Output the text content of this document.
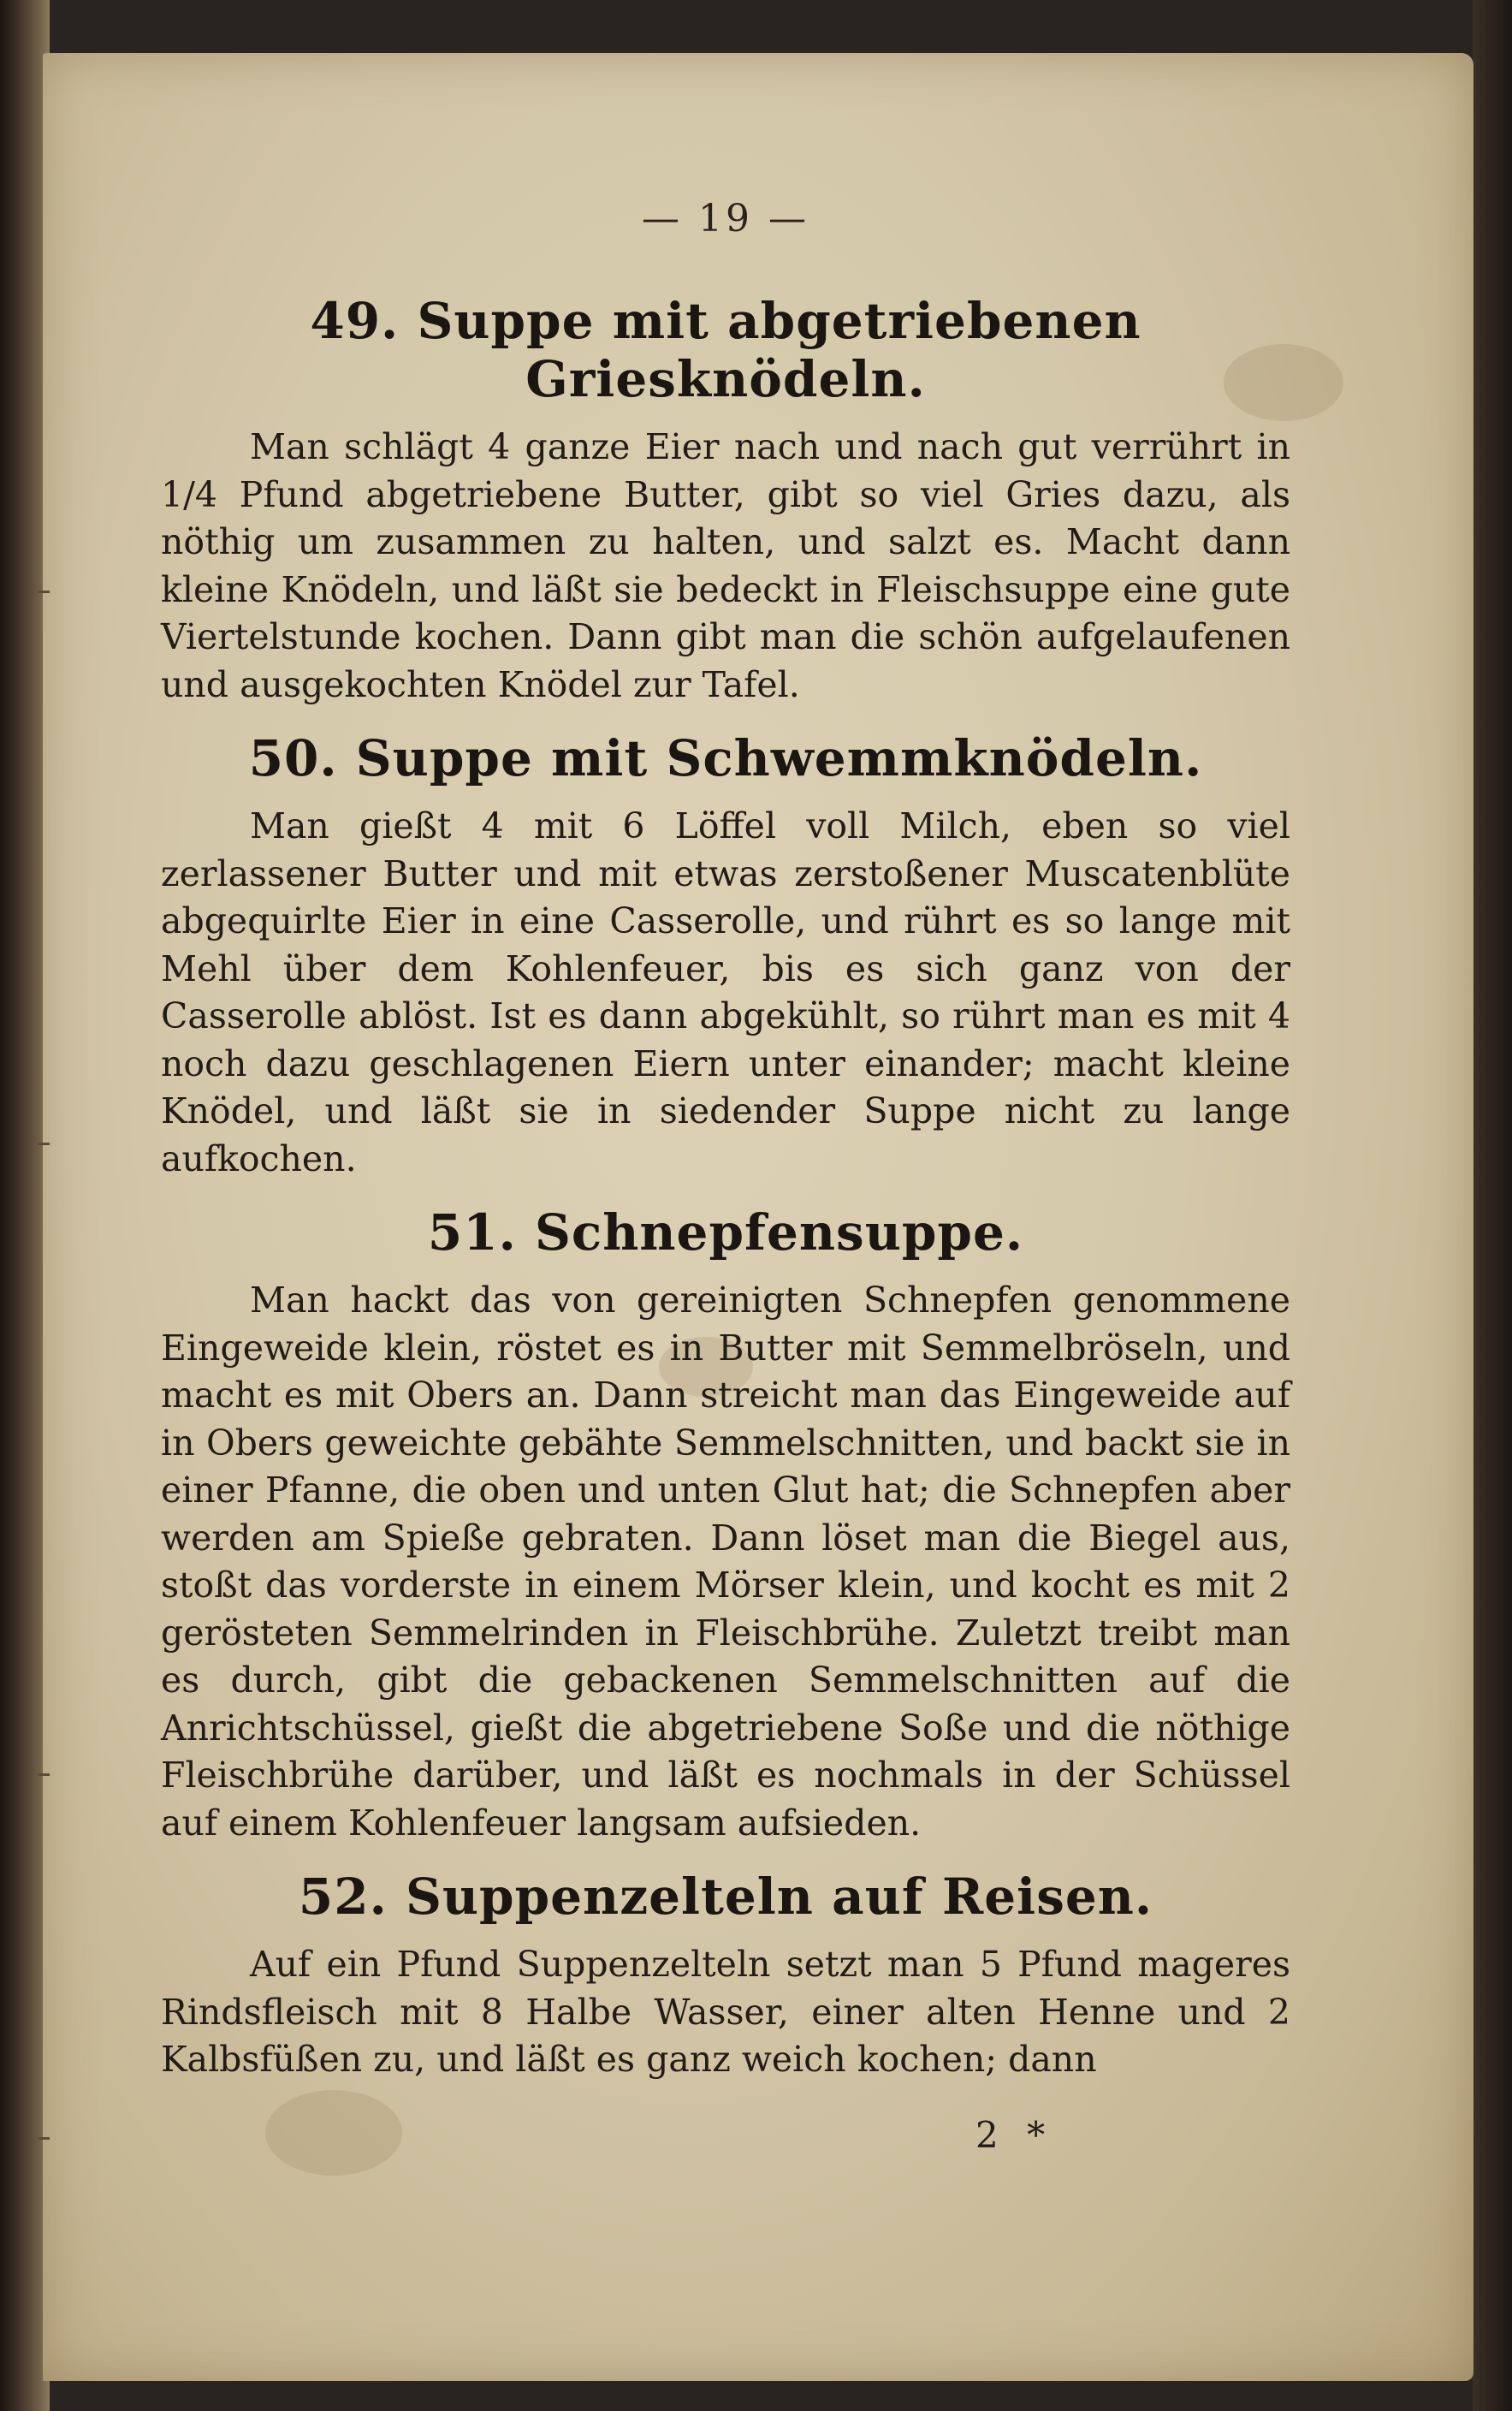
— 19 —
49. Suppe mit abgetriebenen Griesknödeln.

Man schlägt 4 ganze Eier nach und nach gut verrührt in 1/4 Pfund abgetriebene Butter, gibt so viel Gries dazu, als nöthig um zusammen zu halten, und salzt es. Macht dann kleine Knödeln, und läßt sie bedeckt in Fleischsuppe eine gute Viertelstunde kochen. Dann gibt man die schön aufgelaufenen und ausgekochten Knödel zur Tafel.

50. Suppe mit Schwemmknödeln.

Man gießt 4 mit 6 Löffel voll Milch, eben so viel zerlassener Butter und mit etwas zerstoßener Muscatenblüte abgequirlte Eier in eine Casserolle, und rührt es so lange mit Mehl über dem Kohlenfeuer, bis es sich ganz von der Casserolle ablöst. Ist es dann abgekühlt, so rührt man es mit 4 noch dazu geschlagenen Eiern unter einander; macht kleine Knödel, und läßt sie in siedender Suppe nicht zu lange aufkochen.

51. Schnepfensuppe.

Man hackt das von gereinigten Schnepfen genommene Eingeweide klein, röstet es in Butter mit Semmelbröseln, und macht es mit Obers an. Dann streicht man das Eingeweide auf in Obers geweichte gebähte Semmelschnitten, und backt sie in einer Pfanne, die oben und unten Glut hat; die Schnepfen aber werden am Spieße gebraten. Dann löset man die Biegel aus, stoßt das vorderste in einem Mörser klein, und kocht es mit 2 gerösteten Semmelrinden in Fleischbrühe. Zuletzt treibt man es durch, gibt die gebackenen Semmelschnitten auf die Anrichtschüssel, gießt die abgetriebene Soße und die nöthige Fleischbrühe darüber, und läßt es nochmals in der Schüssel auf einem Kohlenfeuer langsam aufsieden.

52. Suppenzelteln auf Reisen.

Auf ein Pfund Suppenzelteln setzt man 5 Pfund mageres Rindsfleisch mit 8 Halbe Wasser, einer alten Henne und 2 Kalbsfüßen zu, und läßt es ganz weich kochen; dann

2 *
